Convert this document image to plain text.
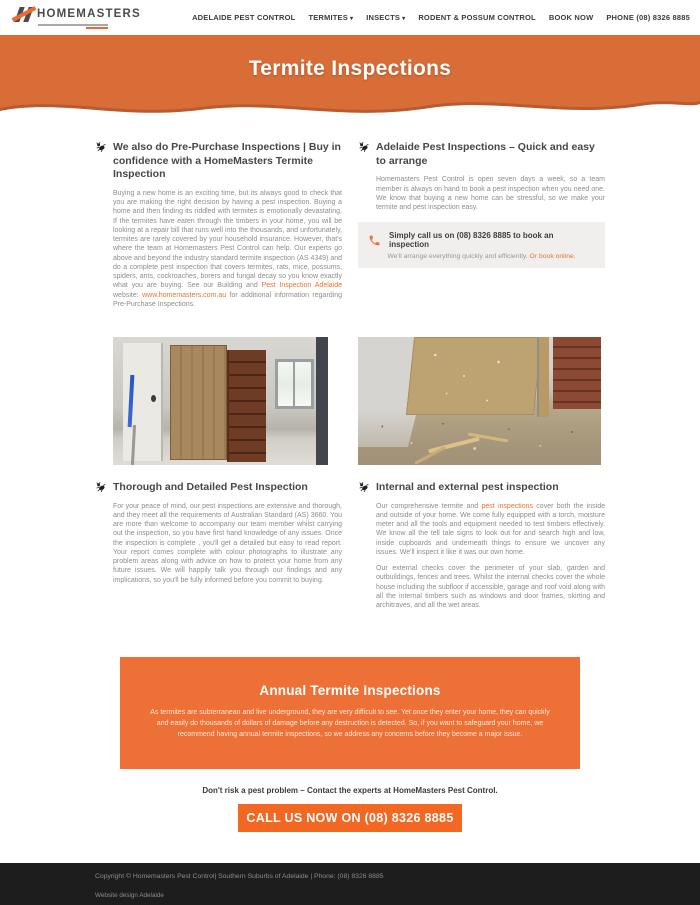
HOMEMASTERS	ADELAIDE PEST CONTROL TERMITES ▾ INSECTS ▾ RODENT & POSSUM CONTROL BOOK NOW PHONE (08) 8326 8885
Termite Inspections
We also do Pre-Purchase Inspections | Buy in confidence with a HomeMasters Termite Inspection

Buying a new home is an exciting time, but its always good to check that you are making the right decision by having a pest inspection. Buying a home and then finding its riddled with termites is emotionally devastating. If the termites have eaten through the timbers in your home, you will be looking at a repair bill that runs well into the thousands, and unfortunately, termites are rarely covered by your household insurance. However, that's where the team at Homemasters Pest Control can help. Our experts go above and beyond the industry standard termite inspection (AS 4349) and do a complete pest inspection that covers termites, rats, mice, possums, spiders, ants, cockroaches, borers and fungal decay so you know exactly what you are buying. See our Building and Pest Inspection Adelaide website: www.homemasters.com.au for additional information regarding Pre-Purchase Inspections.

Adelaide Pest Inspections – Quick and easy to arrange

Homemasters Pest Control is open seven days a week, so a team member is always on hand to book a pest inspection when you need one. We know that buying a new home can be stressful, so we make your termite and pest inspection easy.

Simply call us on (08) 8326 8885 to book an inspection
We'll arrange everything quickly and efficiently. Or book online.
Thorough and Detailed Pest Inspection

For your peace of mind, our pest inspections are extensive and thorough, and they meet all the requirements of Australian Standard (AS) 3660. You are more than welcome to accompany our team member whilst carrying out the inspection, so you have first hand knowledge of any issues. Once the inspection is complete , you'll get a detailed but easy to read report. Your report comes complete with colour photographs to illustrate any problem areas along with advice on how to protect your home from any future issues. We will happily talk you through our findings and any implications, so you'll be fully informed before you commit to buying.

Internal and external pest inspection

Our comprehensive termite and pest inspections cover both the inside and outside of your home. We come fully equipped with a torch, moisture meter and all the tools and equipment needed to test timbers effectively. We know all the tell tale signs to look out for and search high and low, inside cupboards and underneath things to ensure we uncover any issues. We'll inspect it like it was our own home.

Our external checks cover the perimeter of your slab, garden and outbuildings, fences and trees. Whilst the internal checks cover the whole house including the subfloor if accessible, garage and roof void along with all the internal timbers such as windows and door frames, skirting and architraves, and all the wet areas.

Annual Termite Inspections

As termites are subterranean and live underground, they are very difficult to see. Yet once they enter your home, they can quickly and easily do thousands of dollars of damage before any destruction is detected. So, if you want to safeguard your home, we recommend having annual termite inspections, so we address any concerns before they become a major issue.

Don't risk a pest problem – Contact the experts at HomeMasters Pest Control.

CALL US NOW ON (08) 8326 8885

Copyright © Homemasters Pest Control| Southern Suburbs of Adelaide | Phone: (08) 8326 8885

Website design Adelaide
